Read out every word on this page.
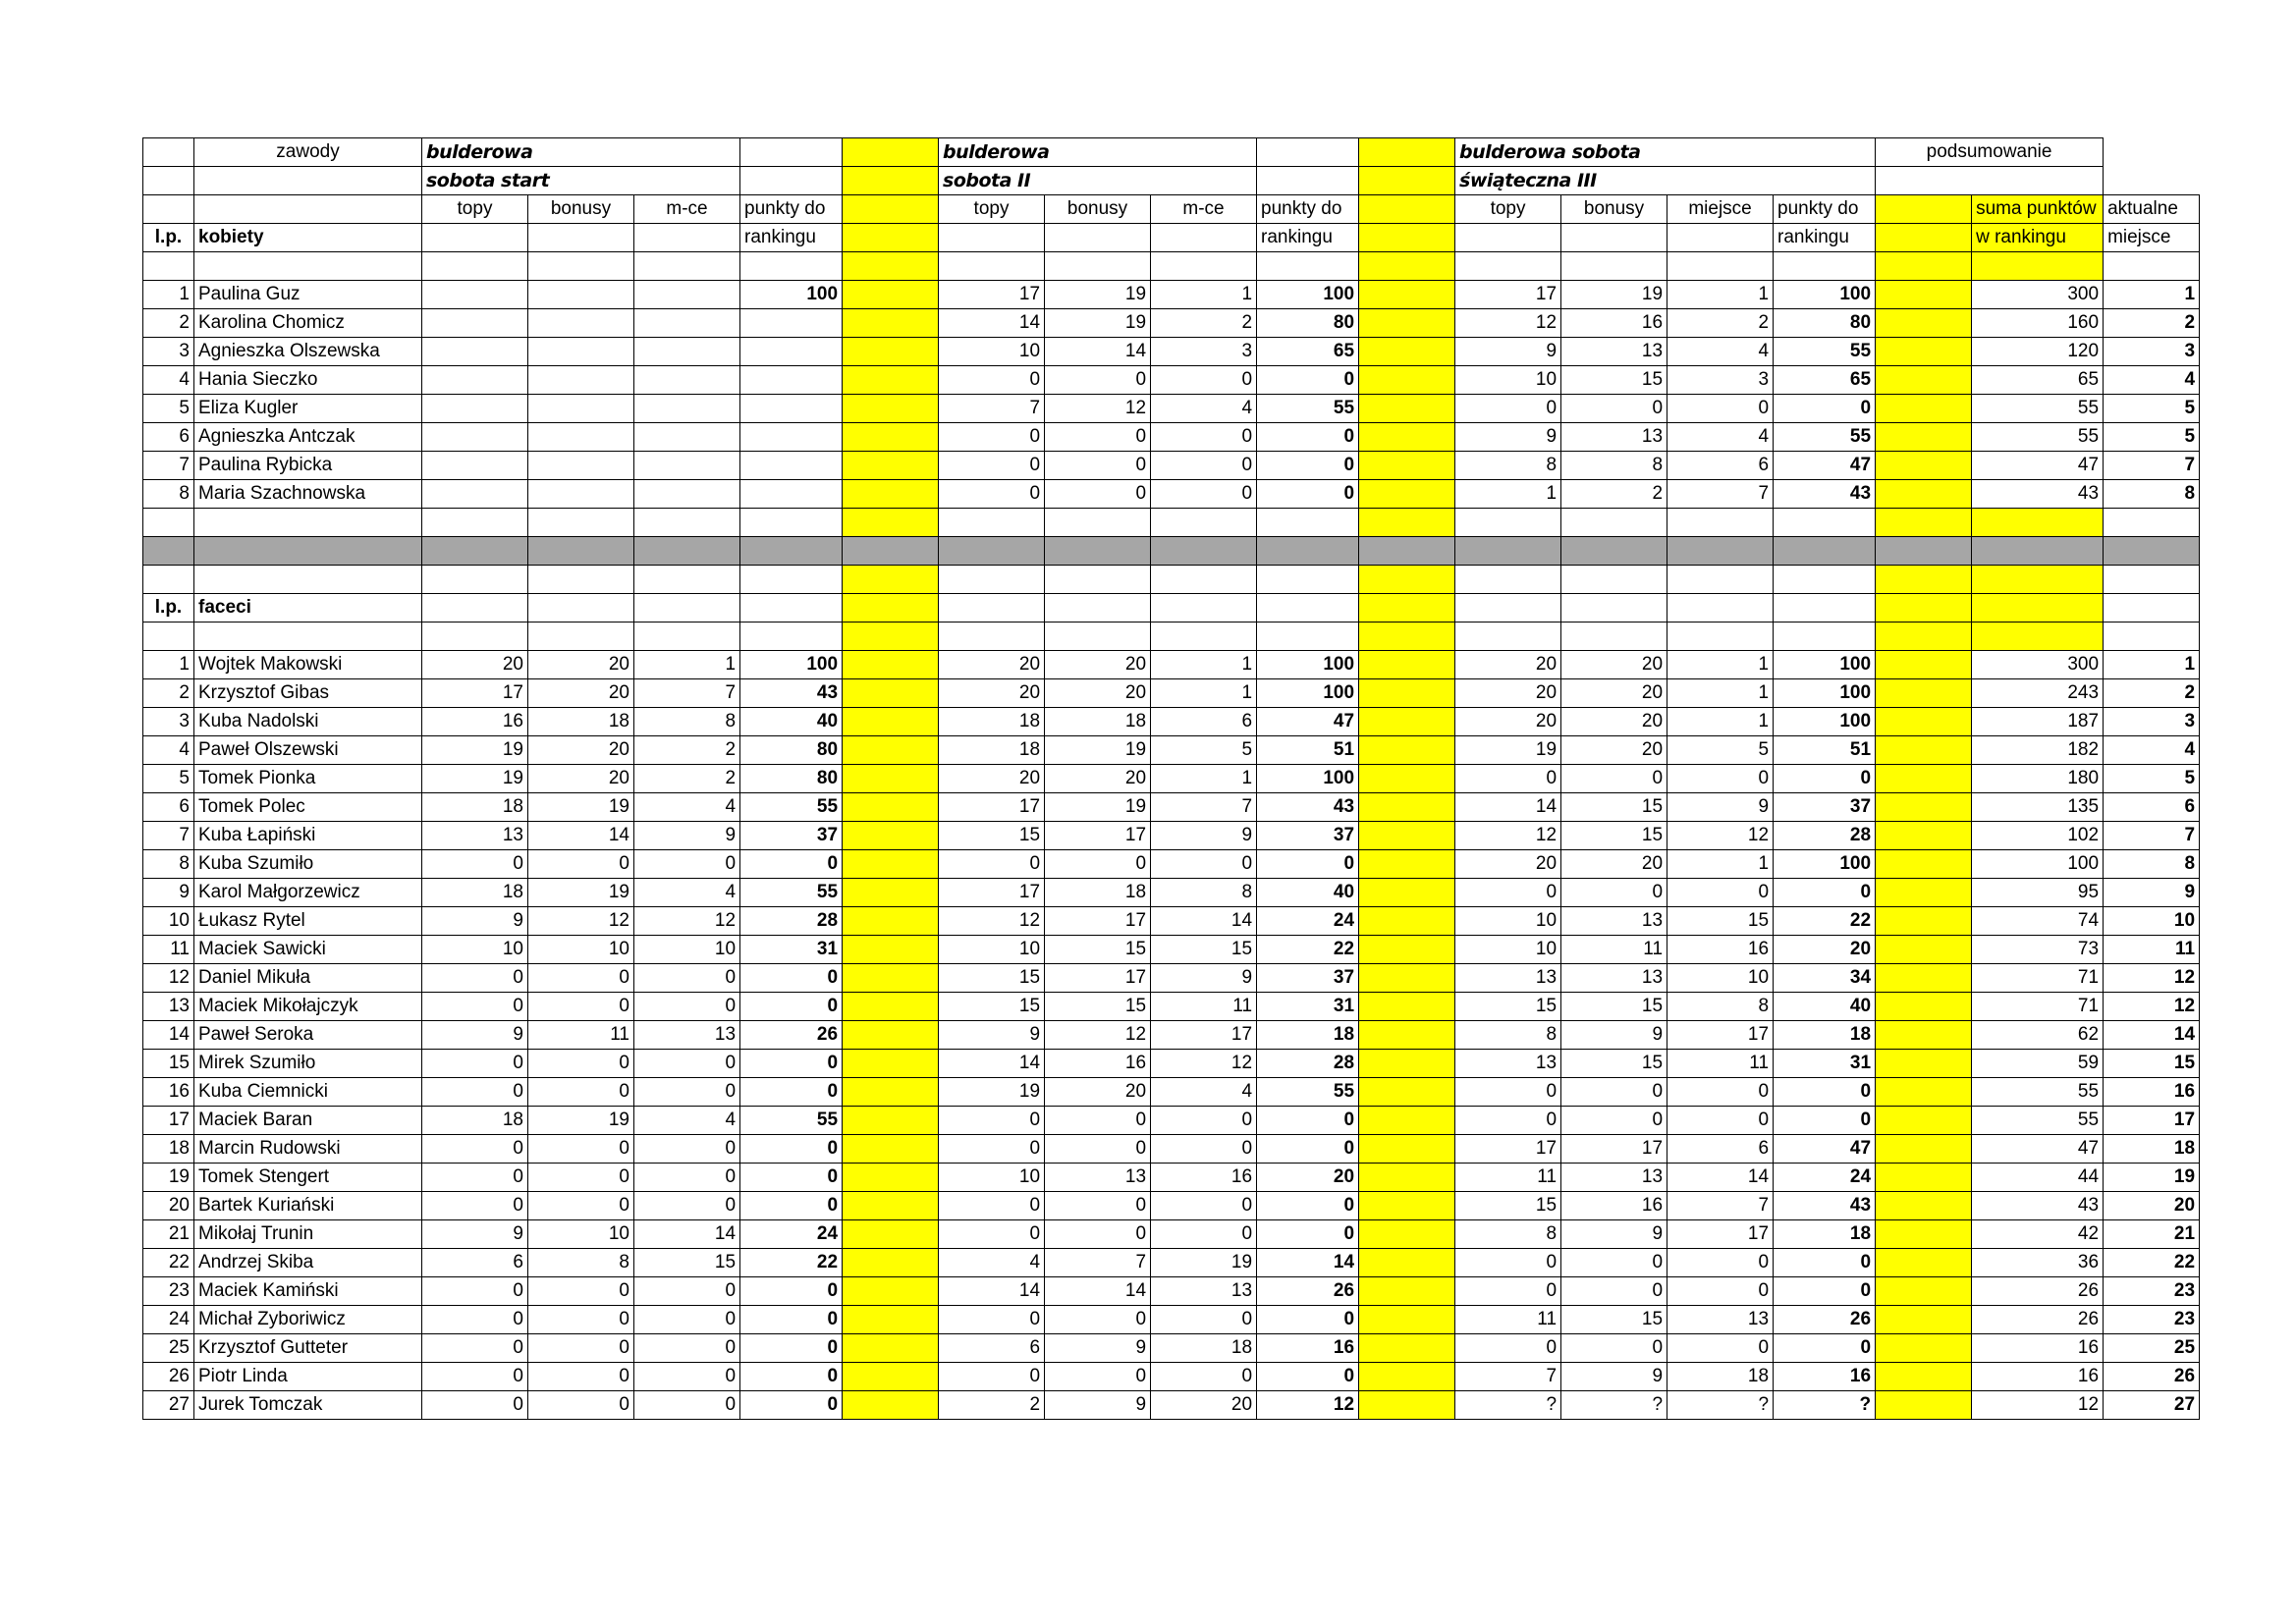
	zawody	bulderowa					bulderowa					bulderowa sobota				podsumowanie		
		sobota start					sobota II					świąteczna III						
		topy	bonusy	m-ce	punkty do		topy	bonusy	m-ce	punkty do		topy	bonusy	miejsce	punkty do		suma punktów	aktualne
l.p.	kobiety				rankingu					rankingu					rankingu		w rankingu	miejsce

1	Paulina Guz				100		17	19	1	100		17	19	1	100		300	1
2	Karolina Chomicz						14	19	2	80		12	16	2	80		160	2
3	Agnieszka Olszewska						10	14	3	65		9	13	4	55		120	3
4	Hania Sieczko						0	0	0	0		10	15	3	65		65	4
5	Eliza Kugler						7	12	4	55		0	0	0	0		55	5
6	Agnieszka Antczak						0	0	0	0		9	13	4	55		55	5
7	Paulina Rybicka						0	0	0	0		8	8	6	47		47	7
8	Maria Szachnowska						0	0	0	0		1	2	7	43		43	8

l.p.	faceci																	

1	Wojtek Makowski	20	20	1	100		20	20	1	100		20	20	1	100		300	1
2	Krzysztof Gibas	17	20	7	43		20	20	1	100		20	20	1	100		243	2
3	Kuba Nadolski	16	18	8	40		18	18	6	47		20	20	1	100		187	3
4	Paweł Olszewski	19	20	2	80		18	19	5	51		19	20	5	51		182	4
5	Tomek Pionka	19	20	2	80		20	20	1	100		0	0	0	0		180	5
6	Tomek Polec	18	19	4	55		17	19	7	43		14	15	9	37		135	6
7	Kuba Łapiński	13	14	9	37		15	17	9	37		12	15	12	28		102	7
8	Kuba Szumiło	0	0	0	0		0	0	0	0		20	20	1	100		100	8
9	Karol Małgorzewicz	18	19	4	55		17	18	8	40		0	0	0	0		95	9
10	Łukasz Rytel	9	12	12	28		12	17	14	24		10	13	15	22		74	10
11	Maciek Sawicki	10	10	10	31		10	15	15	22		10	11	16	20		73	11
12	Daniel Mikuła	0	0	0	0		15	17	9	37		13	13	10	34		71	12
13	Maciek Mikołajczyk	0	0	0	0		15	15	11	31		15	15	8	40		71	12
14	Paweł Seroka	9	11	13	26		9	12	17	18		8	9	17	18		62	14
15	Mirek Szumiło	0	0	0	0		14	16	12	28		13	15	11	31		59	15
16	Kuba Ciemnicki	0	0	0	0		19	20	4	55		0	0	0	0		55	16
17	Maciek Baran	18	19	4	55		0	0	0	0		0	0	0	0		55	17
18	Marcin Rudowski	0	0	0	0		0	0	0	0		17	17	6	47		47	18
19	Tomek Stengert	0	0	0	0		10	13	16	20		11	13	14	24		44	19
20	Bartek Kuriański	0	0	0	0		0	0	0	0		15	16	7	43		43	20
21	Mikołaj Trunin	9	10	14	24		0	0	0	0		8	9	17	18		42	21
22	Andrzej Skiba	6	8	15	22		4	7	19	14		0	0	0	0		36	22
23	Maciek Kamiński	0	0	0	0		14	14	13	26		0	0	0	0		26	23
24	Michał Zyboriwicz	0	0	0	0		0	0	0	0		11	15	13	26		26	23
25	Krzysztof Gutteter	0	0	0	0		6	9	18	16		0	0	0	0		16	25
26	Piotr Linda	0	0	0	0		0	0	0	0		7	9	18	16		16	26
27	Jurek Tomczak	0	0	0	0		2	9	20	12		?	?	?	?		12	27
